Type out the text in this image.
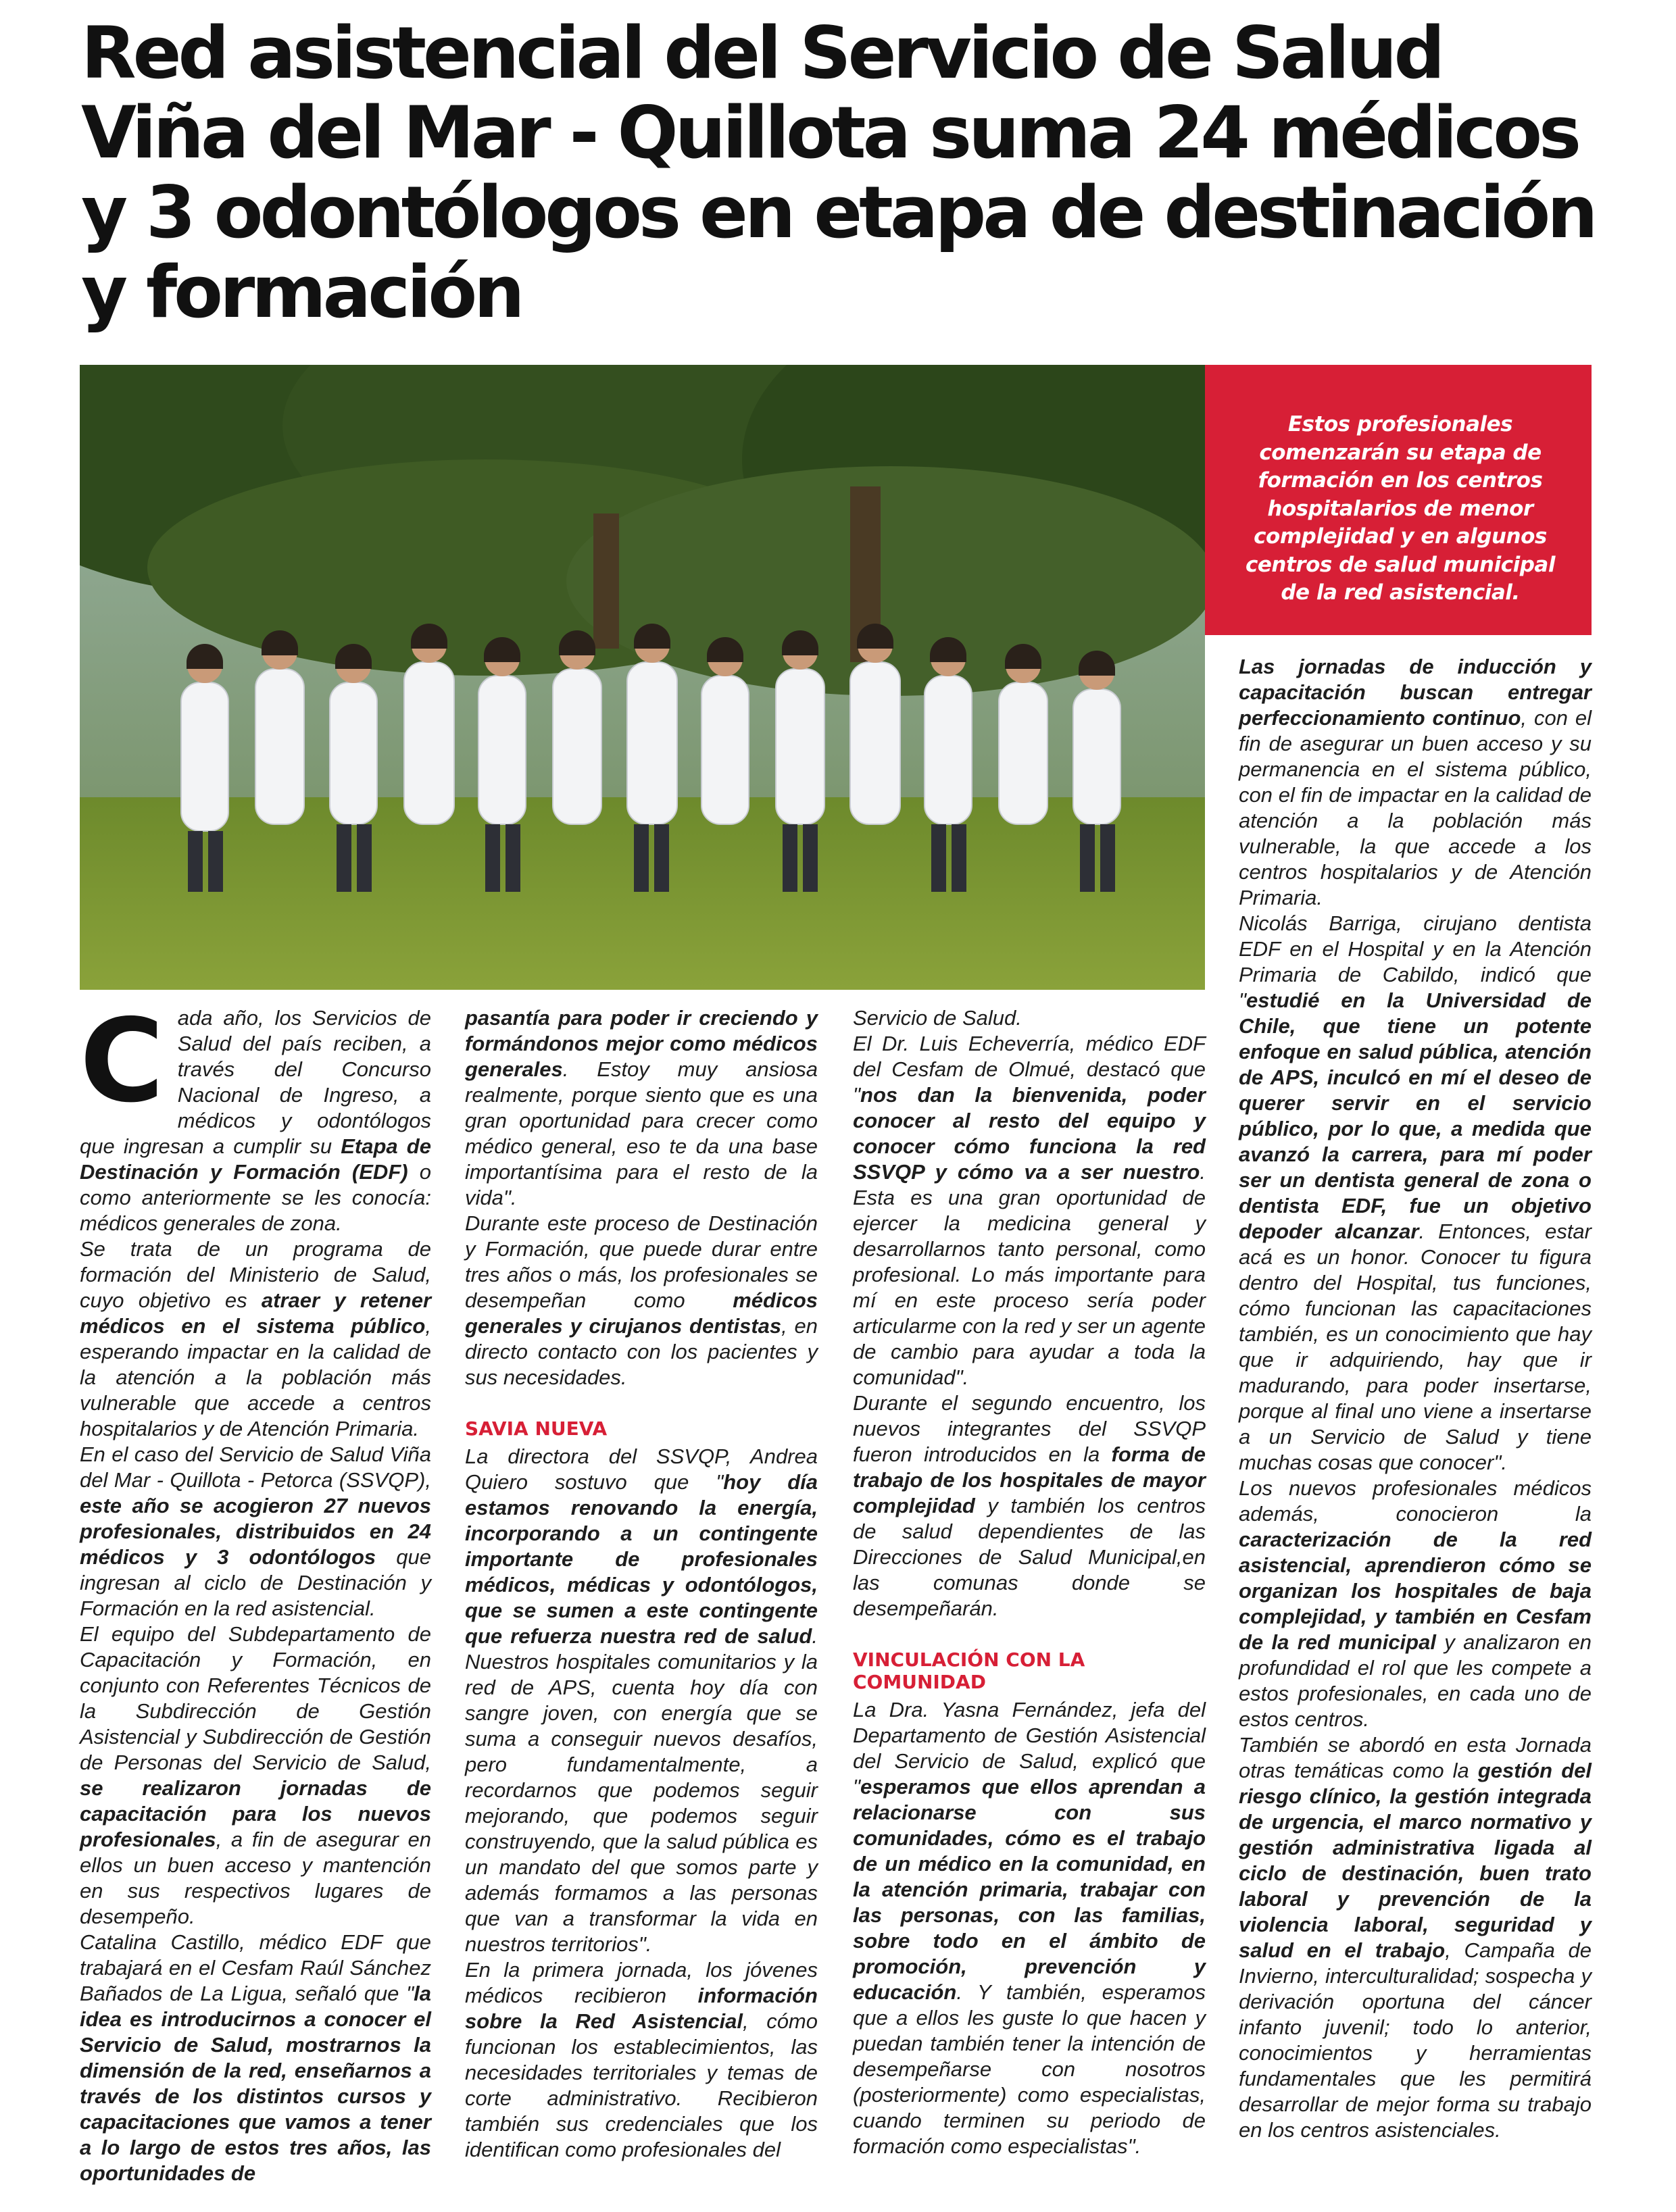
Red asistencial del Servicio de Salud Viña del Mar - Quillota suma 24 médicos y 3 odontólogos en etapa de destinación y formación

Estos profesionales comenzarán su etapa de formación en los centros hospitalarios de menor complejidad y en algunos centros de salud municipal de la red asistencial.

Cada año, los Servicios de Salud del país reciben, a través del Concurso Nacional de Ingreso, a médicos y odontólogos que ingresan a cumplir su Etapa de Destinación y Formación (EDF) o como anteriormente se les conocía: médicos generales de zona.

Se trata de un programa de formación del Ministerio de Salud, cuyo objetivo es atraer y retener médicos en el sistema público, esperando impactar en la calidad de la atención a la población más vulnerable que accede a centros hospitalarios y de Atención Primaria.

En el caso del Servicio de Salud Viña del Mar - Quillota - Petorca (SSVQP), este año se acogieron 27 nuevos profesionales, distribuidos en 24 médicos y 3 odontólogos que ingresan al ciclo de Destinación y Formación en la red asistencial.

El equipo del Subdepartamento de Capacitación y Formación, en conjunto con Referentes Técnicos de la Subdirección de Gestión Asistencial y Subdirección de Gestión de Personas del Servicio de Salud, se realizaron jornadas de capacitación para los nuevos profesionales, a fin de asegurar en ellos un buen acceso y mantención en sus respectivos lugares de desempeño.

Catalina Castillo, médico EDF que trabajará en el Cesfam Raúl Sánchez Bañados de La Ligua, señaló que "la idea es introducirnos a conocer el Servicio de Salud, mostrarnos la dimensión de la red, enseñarnos a través de los distintos cursos y capacitaciones que vamos a tener a lo largo de estos tres años, las oportunidades de

pasantía para poder ir creciendo y formándonos mejor como médicos generales. Estoy muy ansiosa realmente, porque siento que es una gran oportunidad para crecer como médico general, eso te da una base importantísima para el resto de la vida".

Durante este proceso de Destinación y Formación, que puede durar entre tres años o más, los profesionales se desempeñan como médicos generales y cirujanos dentistas, en directo contacto con los pacientes y sus necesidades.

SAVIA NUEVA

La directora del SSVQP, Andrea Quiero sostuvo que "hoy día estamos renovando la energía, incorporando a un contingente importante de profesionales médicos, médicas y odontólogos, que se sumen a este contingente que refuerza nuestra red de salud. Nuestros hospitales comunitarios y la red de APS, cuenta hoy día con sangre joven, con energía que se suma a conseguir nuevos desafíos, pero fundamentalmente, a recordarnos que podemos seguir mejorando, que podemos seguir construyendo, que la salud pública es un mandato del que somos parte y además formamos a las personas que van a transformar la vida en nuestros territorios".

En la primera jornada, los jóvenes médicos recibieron información sobre la Red Asistencial, cómo funcionan los establecimientos, las necesidades territoriales y temas de corte administrativo. Recibieron también sus credenciales que los identifican como profesionales del

Servicio de Salud.

El Dr. Luis Echeverría, médico EDF del Cesfam de Olmué, destacó que "nos dan la bienvenida, poder conocer al resto del equipo y conocer cómo funciona la red SSVQP y cómo va a ser nuestro. Esta es una gran oportunidad de ejercer la medicina general y desarrollarnos tanto personal, como profesional. Lo más importante para mí en este proceso sería poder articularme con la red y ser un agente de cambio para ayudar a toda la comunidad".

Durante el segundo encuentro, los nuevos integrantes del SSVQP fueron introducidos en la forma de trabajo de los hospitales de mayor complejidad y también los centros de salud dependientes de las Direcciones de Salud Municipal,en las comunas donde se desempeñarán.

VINCULACIÓN CON LA COMUNIDAD

La Dra. Yasna Fernández, jefa del Departamento de Gestión Asistencial del Servicio de Salud, explicó que "esperamos que ellos aprendan a relacionarse con sus comunidades, cómo es el trabajo de un médico en la comunidad, en la atención primaria, trabajar con las personas, con las familias, sobre todo en el ámbito de promoción, prevención y educación. Y también, esperamos que a ellos les guste lo que hacen y puedan también tener la intención de desempeñarse con nosotros (posteriormente) como especialistas, cuando terminen su periodo de formación como especialistas".

Las jornadas de inducción y capacitación buscan entregar perfeccionamiento continuo, con el fin de asegurar un buen acceso y su permanencia en el sistema público, con el fin de impactar en la calidad de atención a la población más vulnerable, la que accede a los centros hospitalarios y de Atención Primaria.

Nicolás Barriga, cirujano dentista EDF en el Hospital y en la Atención Primaria de Cabildo, indicó que "estudié en la Universidad de Chile, que tiene un potente enfoque en salud pública, atención de APS, inculcó en mí el deseo de querer servir en el servicio público, por lo que, a medida que avanzó la carrera, para mí poder ser un dentista general de zona o dentista EDF, fue un objetivo depoder alcanzar. Entonces, estar acá es un honor. Conocer tu figura dentro del Hospital, tus funciones, cómo funcionan las capacitaciones también, es un conocimiento que hay que ir adquiriendo, hay que ir madurando, para poder insertarse, porque al final uno viene a insertarse a un Servicio de Salud y tiene muchas cosas que conocer".

Los nuevos profesionales médicos además, conocieron la caracterización de la red asistencial, aprendieron cómo se organizan los hospitales de baja complejidad, y también en Cesfam de la red municipal y analizaron en profundidad el rol que les compete a estos profesionales, en cada uno de estos centros.

También se abordó en esta Jornada otras temáticas como la gestión del riesgo clínico, la gestión integrada de urgencia, el marco normativo y gestión administrativa ligada al ciclo de destinación, buen trato laboral y prevención de la violencia laboral, seguridad y salud en el trabajo, Campaña de Invierno, interculturalidad; sospecha y derivación oportuna del cáncer infanto juvenil; todo lo anterior, conocimientos y herramientas fundamentales que les permitirá desarrollar de mejor forma su trabajo en los centros asistenciales.
